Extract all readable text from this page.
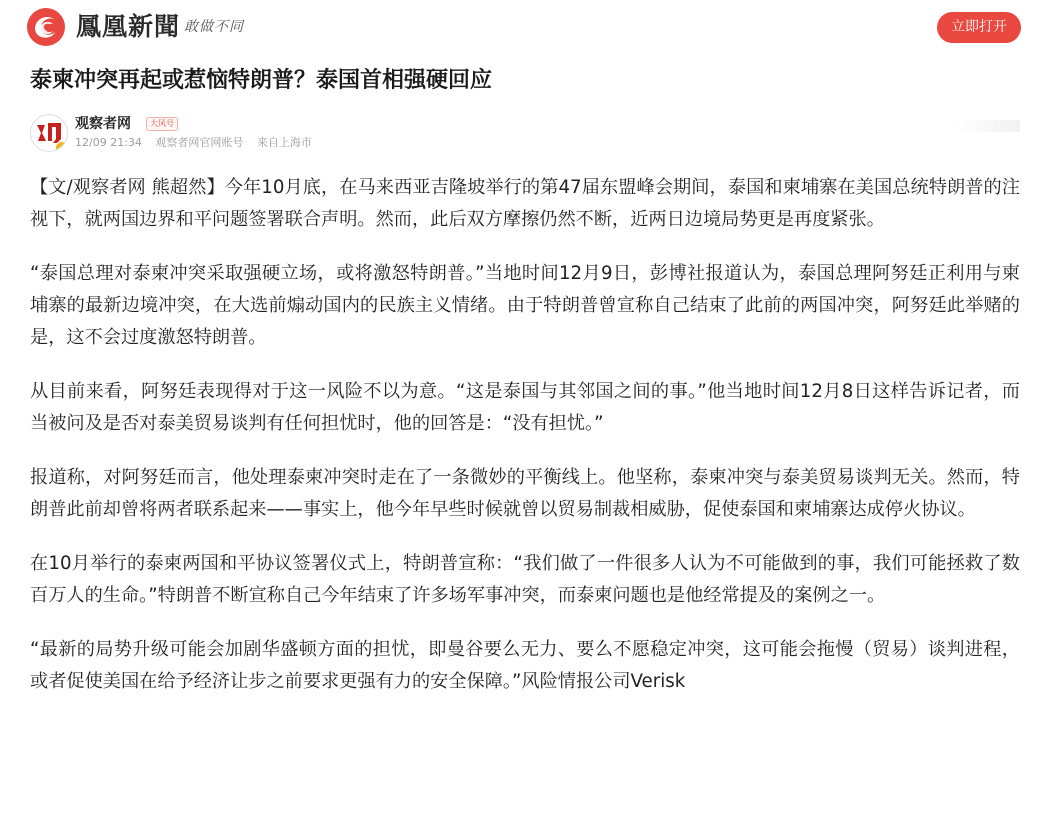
鳳凰新聞 敢做不同	立即打开
泰柬冲突再起或惹恼特朗普？泰国首相强硬回应
观察者网	大风号
12/09 21:34 观察者网官网账号 来自上海市

【文/观察者网 熊超然】今年10月底，在马来西亚吉隆坡举行的第47届东盟峰会期间，泰国和柬埔寨在美国总统特朗普的注视下，就两国边界和平问题签署联合声明。然而，此后双方摩擦仍然不断，近两日边境局势更是再度紧张。

“泰国总理对泰柬冲突采取强硬立场，或将激怒特朗普。”当地时间12月9日，彭博社报道认为，泰国总理阿努廷正利用与柬埔寨的最新边境冲突，在大选前煽动国内的民族主义情绪。由于特朗普曾宣称自己结束了此前的两国冲突，阿努廷此举赌的是，这不会过度激怒特朗普。

从目前来看，阿努廷表现得对于这一风险不以为意。“这是泰国与其邻国之间的事。”他当地时间12月8日这样告诉记者，而当被问及是否对泰美贸易谈判有任何担忧时，他的回答是：“没有担忧。”

报道称，对阿努廷而言，他处理泰柬冲突时走在了一条微妙的平衡线上。他坚称，泰柬冲突与泰美贸易谈判无关。然而，特朗普此前却曾将两者联系起来——事实上，他今年早些时候就曾以贸易制裁相威胁，促使泰国和柬埔寨达成停火协议。

在10月举行的泰柬两国和平协议签署仪式上，特朗普宣称：“我们做了一件很多人认为不可能做到的事，我们可能拯救了数百万人的生命。”特朗普不断宣称自己今年结束了许多场军事冲突，而泰柬问题也是他经常提及的案例之一。

“最新的局势升级可能会加剧华盛顿方面的担忧，即曼谷要么无力、要么不愿稳定冲突，这可能会拖慢（贸易）谈判进程，或者促使美国在给予经济让步之前要求更强有力的安全保障。”风险情报公司Verisk
